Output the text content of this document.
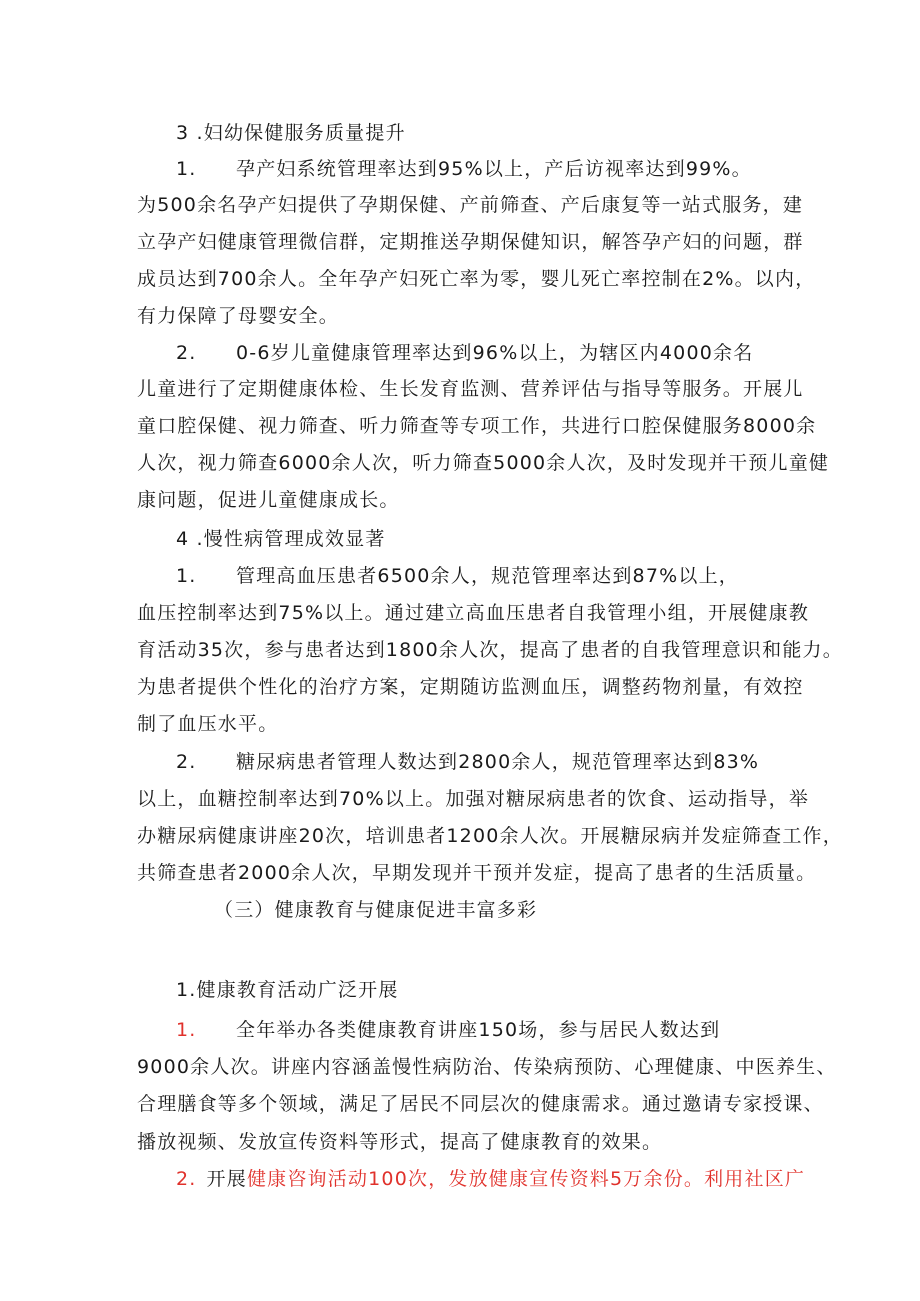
3 .妇幼保健服务质量提升
1. 孕产妇系统管理率达到95%以上，产后访视率达到99%。
为500余名孕产妇提供了孕期保健、产前筛查、产后康复等一站式服务，建
立孕产妇健康管理微信群，定期推送孕期保健知识，解答孕产妇的问题，群
成员达到700余人。全年孕产妇死亡率为零，婴儿死亡率控制在2%。以内，
有力保障了母婴安全。
2. 0-6岁儿童健康管理率达到96%以上，为辖区内4000余名
儿童进行了定期健康体检、生长发育监测、营养评估与指导等服务。开展儿
童口腔保健、视力筛查、听力筛查等专项工作，共进行口腔保健服务8000余
人次，视力筛查6000余人次，听力筛查5000余人次，及时发现并干预儿童健
康问题，促进儿童健康成长。
4 .慢性病管理成效显著
1. 管理高血压患者6500余人，规范管理率达到87%以上，
血压控制率达到75%以上。通过建立高血压患者自我管理小组，开展健康教
育活动35次，参与患者达到1800余人次，提高了患者的自我管理意识和能力。
为患者提供个性化的治疗方案，定期随访监测血压，调整药物剂量，有效控
制了血压水平。
2. 糖尿病患者管理人数达到2800余人，规范管理率达到83%
以上，血糖控制率达到70%以上。加强对糖尿病患者的饮食、运动指导，举
办糖尿病健康讲座20次，培训患者1200余人次。开展糖尿病并发症筛查工作，
共筛查患者2000余人次，早期发现并干预并发症，提高了患者的生活质量。
（三）健康教育与健康促进丰富多彩
1.健康教育活动广泛开展
1. 全年举办各类健康教育讲座150场，参与居民人数达到
9000余人次。讲座内容涵盖慢性病防治、传染病预防、心理健康、中医养生、
合理膳食等多个领域，满足了居民不同层次的健康需求。通过邀请专家授课、
播放视频、发放宣传资料等形式，提高了健康教育的效果。
2. 开展健康咨询活动100次，发放健康宣传资料5万余份。利用社区广
